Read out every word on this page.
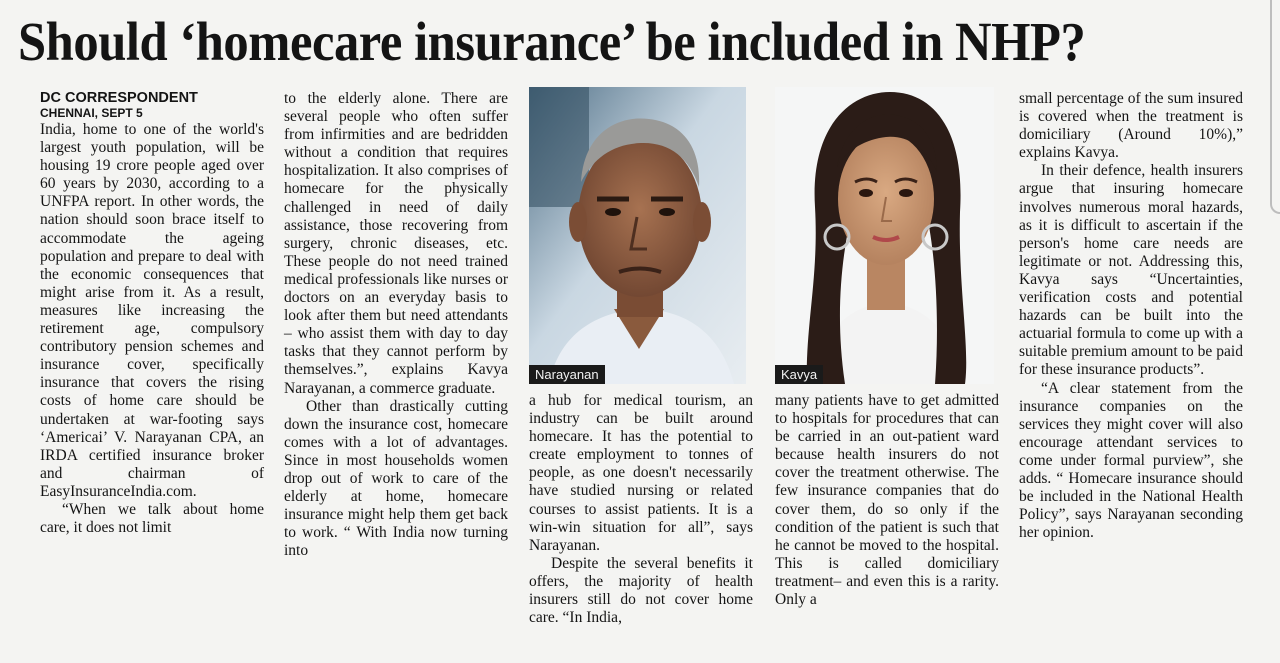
Should ‘homecare insurance’ be included in NHP?

DC CORRESPONDENT

CHENNAI, SEPT 5

India, home to one of the world's largest youth population, will be housing 19 crore people aged over 60 years by 2030, according to a UNFPA report. In other words, the nation should soon brace itself to accommodate the ageing population and prepare to deal with the economic consequences that might arise from it. As a result, measures like increasing the retirement age, compulsory contributory pension schemes and insurance cover, specifically insurance that covers the rising costs of home care should be undertaken at war-footing says ‘Americai’ V. Narayanan CPA, an IRDA certified insurance broker and chairman of EasyInsuranceIndia.com.

“When we talk about home care, it does not limit

to the elderly alone. There are several people who often suffer from infirmities and are bedridden without a condition that requires hospitalization. It also comprises of homecare for the physically challenged in need of daily assistance, those recovering from surgery, chronic diseases, etc. These people do not need trained medical professionals like nurses or doctors on an everyday basis to look after them but need attendants – who assist them with day to day tasks that they cannot perform by themselves.”, explains Kavya Narayanan, a commerce graduate.

Other than drastically cutting down the insurance cost, homecare comes with a lot of advantages. Since in most households women drop out of work to care of the elderly at home, homecare insurance might help them get back to work. “ With India now turning into

Narayanan	Kavya

a hub for medical tourism, an industry can be built around homecare. It has the potential to create employment to tonnes of people, as one doesn't necessarily have studied nursing or related courses to assist patients. It is a win-win situation for all”, says Narayanan.

Despite the several benefits it offers, the majority of health insurers still do not cover home care. “In India,

many patients have to get admitted to hospitals for procedures that can be carried in an out-patient ward because health insurers do not cover the treatment otherwise. The few insurance companies that do cover them, do so only if the condition of the patient is such that he cannot be moved to the hospital. This is called domiciliary treatment– and even this is a rarity. Only a

small percentage of the sum insured is covered when the treatment is domiciliary (Around 10%),” explains Kavya.

In their defence, health insurers argue that insuring homecare involves numerous moral hazards, as it is difficult to ascertain if the person's home care needs are legitimate or not. Addressing this, Kavya says “Uncertainties, verification costs and potential hazards can be built into the actuarial formula to come up with a suitable premium amount to be paid for these insurance products”.

“A clear statement from the insurance companies on the services they might cover will also encourage attendant services to come under formal purview”, she adds. “ Homecare insurance should be included in the National Health Policy”, says Narayanan seconding her opinion.
